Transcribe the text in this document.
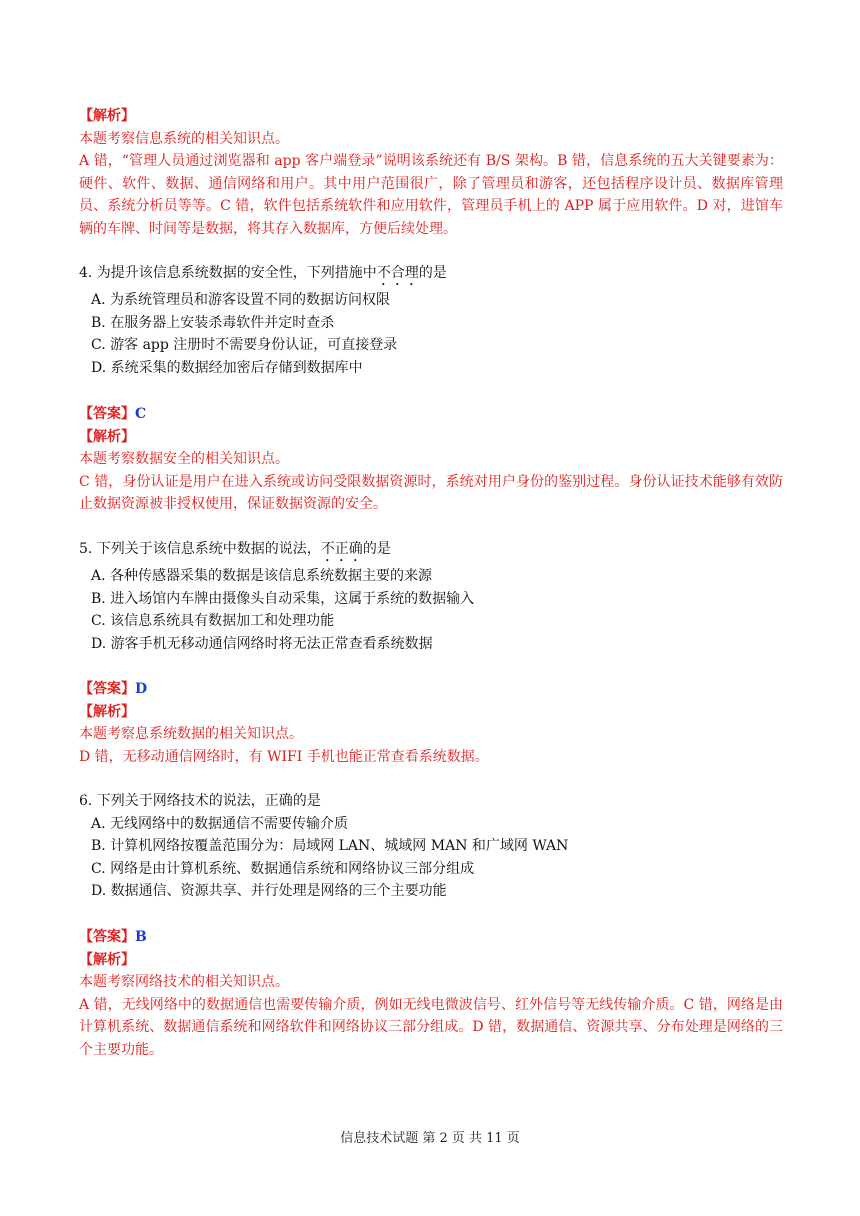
【解析】

本题考察信息系统的相关知识点。

A 错，“管理人员通过浏览器和 app 客户端登录”说明该系统还有 B/S 架构。B 错，信息系统的五大关键要素为：硬件、软件、数据、通信网络和用户。其中用户范围很广，除了管理员和游客，还包括程序设计员、数据库管理员、系统分析员等等。C 错，软件包括系统软件和应用软件，管理员手机上的 APP 属于应用软件。D 对，进馆车辆的车牌、时间等是数据，将其存入数据库，方便后续处理。

4. 为提升该信息系统数据的安全性，下列措施中不合理的是

A. 为系统管理员和游客设置不同的数据访问权限

B. 在服务器上安装杀毒软件并定时查杀

C. 游客 app 注册时不需要身份认证，可直接登录

D. 系统采集的数据经加密后存储到数据库中

【答案】C

【解析】

本题考察数据安全的相关知识点。

C 错，身份认证是用户在进入系统或访问受限数据资源时，系统对用户身份的鉴别过程。身份认证技术能够有效防止数据资源被非授权使用，保证数据资源的安全。

5. 下列关于该信息系统中数据的说法，不正确的是

A. 各种传感器采集的数据是该信息系统数据主要的来源

B. 进入场馆内车牌由摄像头自动采集，这属于系统的数据输入

C. 该信息系统具有数据加工和处理功能

D. 游客手机无移动通信网络时将无法正常查看系统数据

【答案】D

【解析】

本题考察息系统数据的相关知识点。

D 错，无移动通信网络时，有 WIFI 手机也能正常查看系统数据。

6. 下列关于网络技术的说法，正确的是

A. 无线网络中的数据通信不需要传输介质

B. 计算机网络按覆盖范围分为：局域网 LAN、城域网 MAN 和广域网 WAN

C. 网络是由计算机系统、数据通信系统和网络协议三部分组成

D. 数据通信、资源共享、并行处理是网络的三个主要功能

【答案】B

【解析】

本题考察网络技术的相关知识点。

A 错，无线网络中的数据通信也需要传输介质，例如无线电微波信号、红外信号等无线传输介质。C 错，网络是由计算机系统、数据通信系统和网络软件和网络协议三部分组成。D 错，数据通信、资源共享、分布处理是网络的三个主要功能。

信息技术试题 第 2 页 共 11 页
